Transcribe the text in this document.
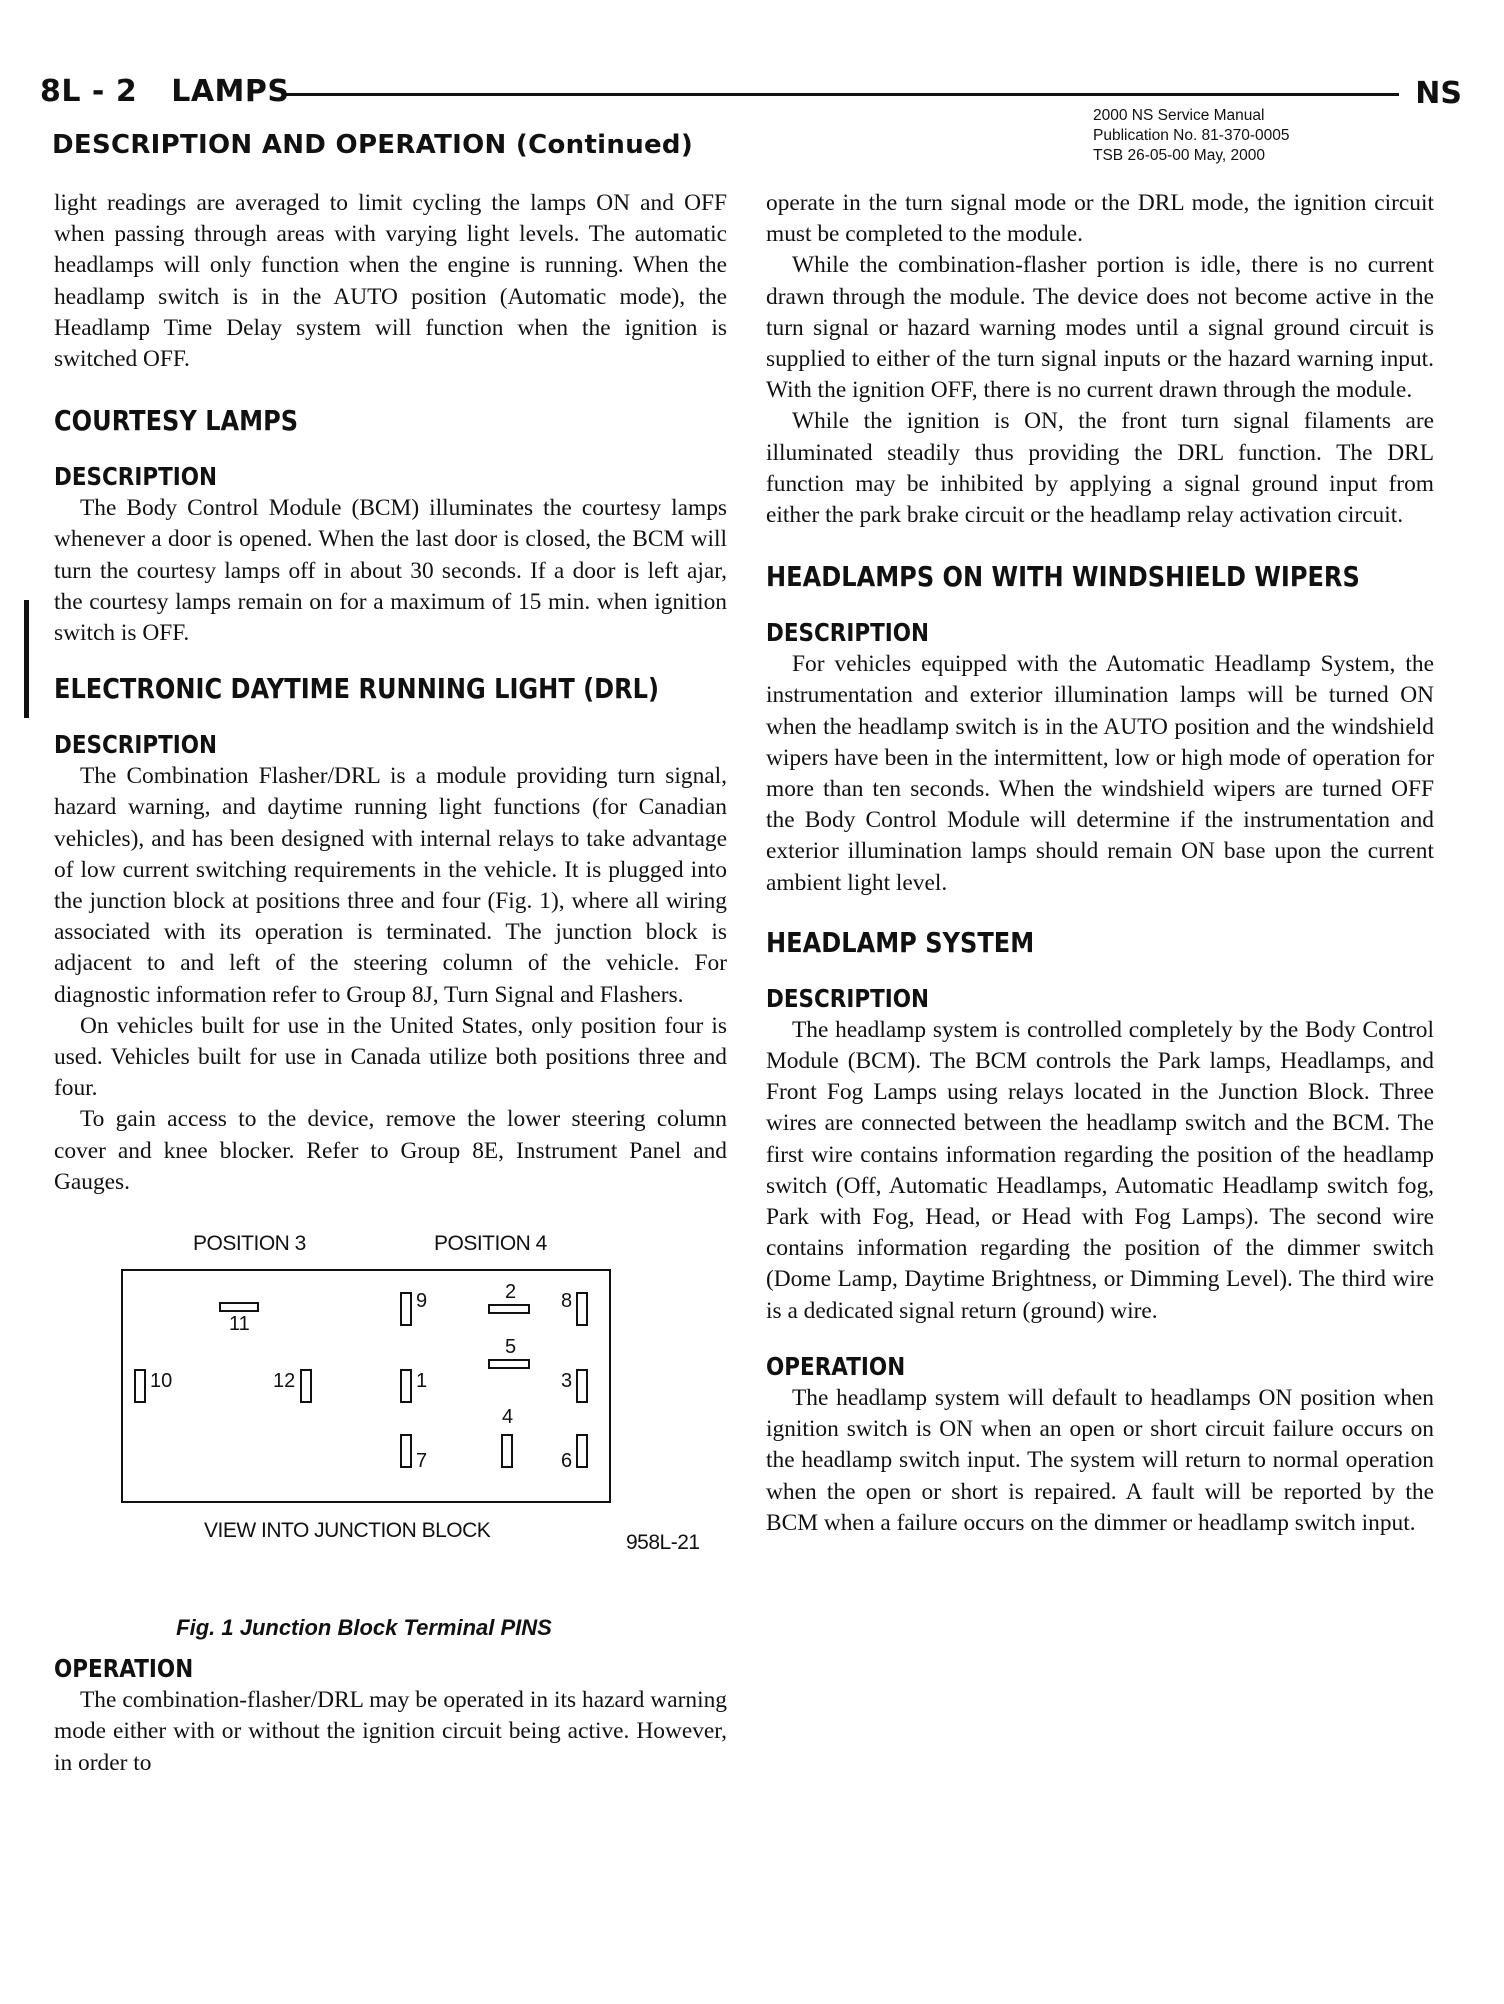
8L - 2 LAMPS	NS
2000 NS Service Manual
Publication No. 81-370-0005
TSB 26-05-00 May, 2000
DESCRIPTION AND OPERATION (Continued)

light readings are averaged to limit cycling the lamps ON and OFF when passing through areas with varying light levels. The automatic headlamps will only function when the engine is running. When the headlamp switch is in the AUTO position (Automatic mode), the Headlamp Time Delay system will function when the ignition is switched OFF.

COURTESY LAMPS
DESCRIPTION

The Body Control Module (BCM) illuminates the courtesy lamps whenever a door is opened. When the last door is closed, the BCM will turn the courtesy lamps off in about 30 seconds. If a door is left ajar, the courtesy lamps remain on for a maximum of 15 min. when ignition switch is OFF.

ELECTRONIC DAYTIME RUNNING LIGHT (DRL)
DESCRIPTION

The Combination Flasher/DRL is a module providing turn signal, hazard warning, and daytime running light functions (for Canadian vehicles), and has been designed with internal relays to take advantage of low current switching requirements in the vehicle. It is plugged into the junction block at positions three and four (Fig. 1), where all wiring associated with its operation is terminated. The junction block is adjacent to and left of the steering column of the vehicle. For diagnostic information refer to Group 8J, Turn Signal and Flashers.

On vehicles built for use in the United States, only position four is used. Vehicles built for use in Canada utilize both positions three and four.

To gain access to the device, remove the lower steering column cover and knee blocker. Refer to Group 8E, Instrument Panel and Gauges.

POSITION 3	POSITION 4
11
10	12
9	2 8
5
1	3
4
7	6
VIEW INTO JUNCTION BLOCK
958L-21
Fig. 1 Junction Block Terminal PINS
OPERATION

The combination-flasher/DRL may be operated in its hazard warning mode either with or without the ignition circuit being active. However, in order to

operate in the turn signal mode or the DRL mode, the ignition circuit must be completed to the module.

While the combination-flasher portion is idle, there is no current drawn through the module. The device does not become active in the turn signal or hazard warning modes until a signal ground circuit is supplied to either of the turn signal inputs or the hazard warning input. With the ignition OFF, there is no current drawn through the module.

While the ignition is ON, the front turn signal filaments are illuminated steadily thus providing the DRL function. The DRL function may be inhibited by applying a signal ground input from either the park brake circuit or the headlamp relay activation circuit.

HEADLAMPS ON WITH WINDSHIELD WIPERS
DESCRIPTION

For vehicles equipped with the Automatic Headlamp System, the instrumentation and exterior illumination lamps will be turned ON when the headlamp switch is in the AUTO position and the windshield wipers have been in the intermittent, low or high mode of operation for more than ten seconds. When the windshield wipers are turned OFF the Body Control Module will determine if the instrumentation and exterior illumination lamps should remain ON base upon the current ambient light level.

HEADLAMP SYSTEM
DESCRIPTION

The headlamp system is controlled completely by the Body Control Module (BCM). The BCM controls the Park lamps, Headlamps, and Front Fog Lamps using relays located in the Junction Block. Three wires are connected between the headlamp switch and the BCM. The first wire contains information regarding the position of the headlamp switch (Off, Automatic Headlamps, Automatic Headlamp switch fog, Park with Fog, Head, or Head with Fog Lamps). The second wire contains information regarding the position of the dimmer switch (Dome Lamp, Daytime Brightness, or Dimming Level). The third wire is a dedicated signal return (ground) wire.

OPERATION

The headlamp system will default to headlamps ON position when ignition switch is ON when an open or short circuit failure occurs on the headlamp switch input. The system will return to normal operation when the open or short is repaired. A fault will be reported by the BCM when a failure occurs on the dimmer or headlamp switch input.
